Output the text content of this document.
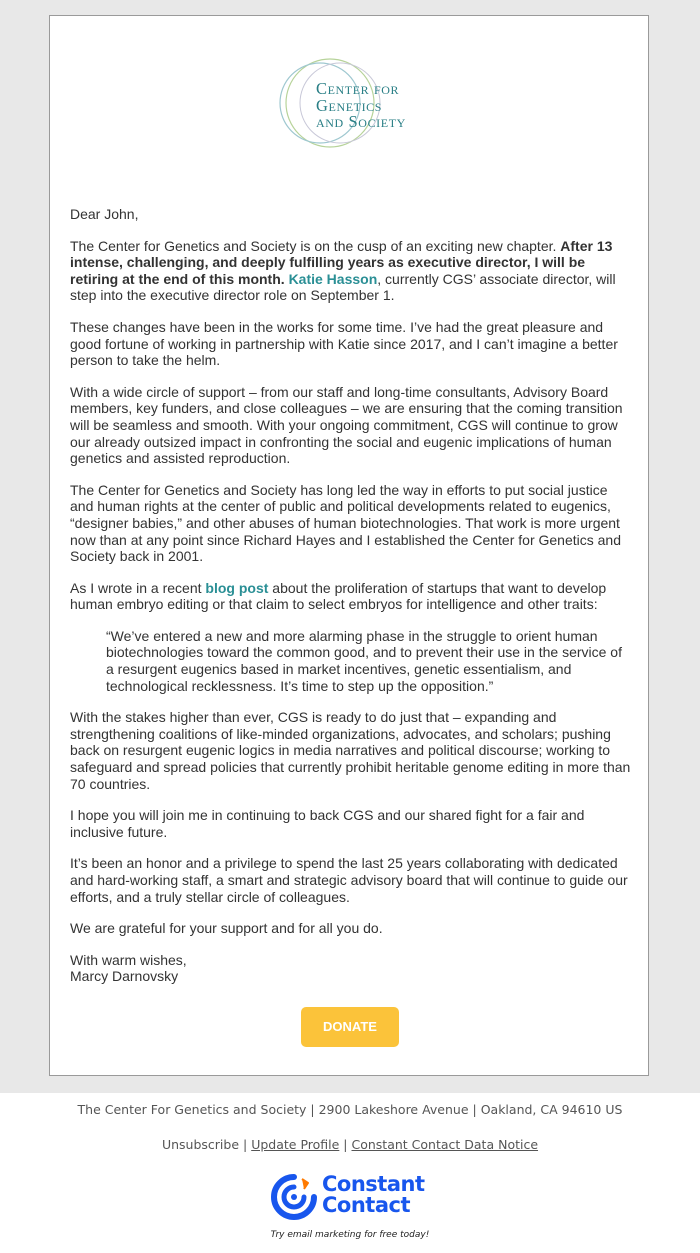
Center for
Genetics
and Society

Dear John,

The Center for Genetics and Society is on the cusp of an exciting new chapter. After 13 intense, challenging, and deeply fulfilling years as executive director, I will be retiring at the end of this month. Katie Hasson, currently CGS’ associate director, will step into the executive director role on September 1.

These changes have been in the works for some time. I’ve had the great pleasure and good fortune of working in partnership with Katie since 2017, and I can’t imagine a better person to take the helm.

With a wide circle of support – from our staff and long-time consultants, Advisory Board members, key funders, and close colleagues – we are ensuring that the coming transition will be seamless and smooth. With your ongoing commitment, CGS will continue to grow our already outsized impact in confronting the social and eugenic implications of human genetics and assisted reproduction.

The Center for Genetics and Society has long led the way in efforts to put social justice and human rights at the center of public and political developments related to eugenics, “designer babies,” and other abuses of human biotechnologies. That work is more urgent now than at any point since Richard Hayes and I established the Center for Genetics and Society back in 2001.

As I wrote in a recent blog post about the proliferation of startups that want to develop human embryo editing or that claim to select embryos for intelligence and other traits:

“We’ve entered a new and more alarming phase in the struggle to orient human biotechnologies toward the common good, and to prevent their use in the service of a resurgent eugenics based in market incentives, genetic essentialism, and technological recklessness. It’s time to step up the opposition.”

With the stakes higher than ever, CGS is ready to do just that – expanding and strengthening coalitions of like-minded organizations, advocates, and scholars; pushing back on resurgent eugenic logics in media narratives and political discourse; working to safeguard and spread policies that currently prohibit heritable genome editing in more than 70 countries.

I hope you will join me in continuing to back CGS and our shared fight for a fair and inclusive future.

It’s been an honor and a privilege to spend the last 25 years collaborating with dedicated and hard-working staff, a smart and strategic advisory board that will continue to guide our efforts, and a truly stellar circle of colleagues.

We are grateful for your support and for all you do.

With warm wishes,
Marcy Darnovsky

DONATE
The Center For Genetics and Society | 2900 Lakeshore Avenue | Oakland, CA 94610 US
Unsubscribe | Update Profile | Constant Contact Data Notice
Constant
Contact
Try email marketing for free today!
